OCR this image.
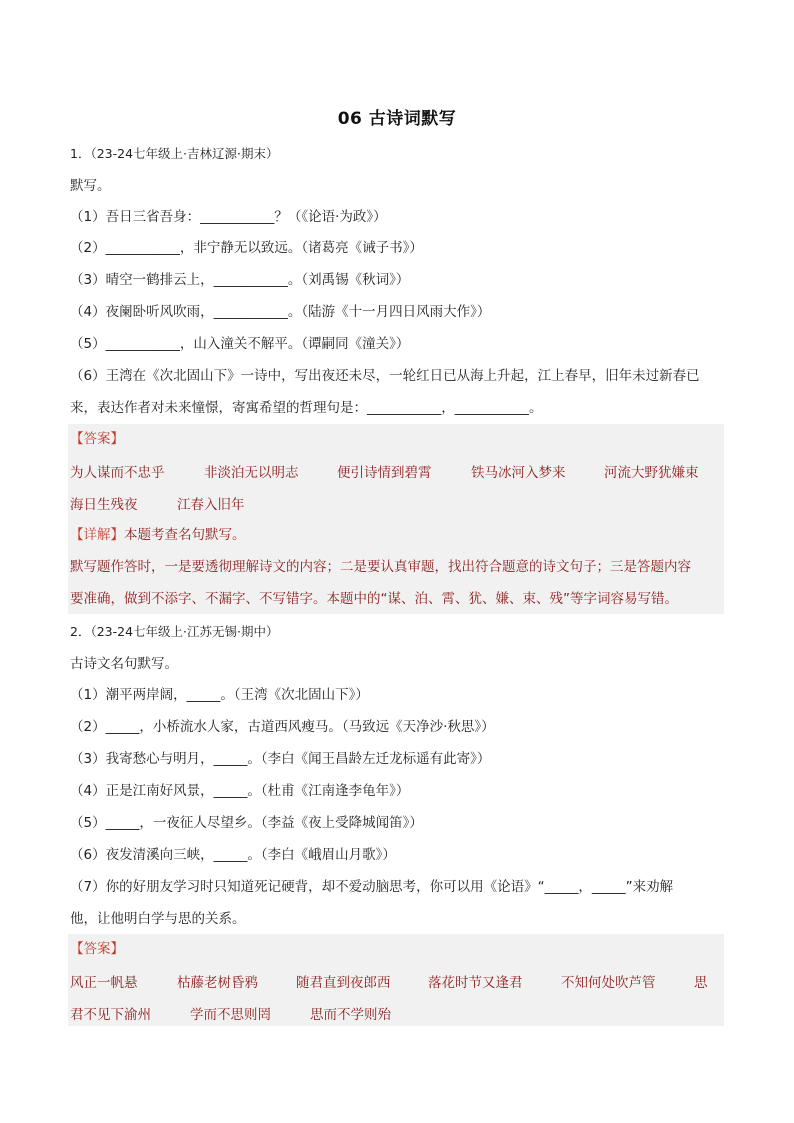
06 古诗词默写
1．（23-24七年级上·吉林辽源·期末）
默写。
（1）吾日三省吾身：___________？（《论语·为政》）
（2）___________，非宁静无以致远。（诸葛亮《诫子书》）
（3）晴空一鹤排云上，___________。（刘禹锡《秋词》）
（4）夜阑卧听风吹雨，___________。（陆游《十一月四日风雨大作》）
（5）___________，山入潼关不解平。（谭嗣同《潼关》）
（6）王湾在《次北固山下》一诗中，写出夜还未尽，一轮红日已从海上升起，江上春早，旧年未过新春已
来，表达作者对未来憧憬，寄寓希望的哲理句是：___________，___________。
【答案】
为人谋而不忠乎	非淡泊无以明志	便引诗情到碧霄	铁马冰河入梦来	河流大野犹嫌束
海日生残夜	江春入旧年
【详解】本题考查名句默写。
默写题作答时，一是要透彻理解诗文的内容；二是要认真审题，找出符合题意的诗文句子；三是答题内容
要准确，做到不添字、不漏字、不写错字。本题中的“谋、泊、霄、犹、嫌、束、残”等字词容易写错。
2．（23-24七年级上·江苏无锡·期中）
古诗文名句默写。
（1）潮平两岸阔，_____。（王湾《次北固山下》）
（2）_____，小桥流水人家，古道西风瘦马。（马致远《天净沙·秋思》）
（3）我寄愁心与明月，_____。（李白《闻王昌龄左迁龙标遥有此寄》）
（4）正是江南好风景，_____。（杜甫《江南逢李龟年》）
（5）_____，一夜征人尽望乡。（李益《夜上受降城闻笛》）
（6）夜发清溪向三峡，_____。（李白《峨眉山月歌》）
（7）你的好朋友学习时只知道死记硬背，却不爱动脑思考，你可以用《论语》“_____，_____”来劝解
他，让他明白学与思的关系。
【答案】
风正一帆悬	枯藤老树昏鸦	随君直到夜郎西	落花时节又逢君	不知何处吹芦管	思
君不见下渝州	学而不思则罔	思而不学则殆
